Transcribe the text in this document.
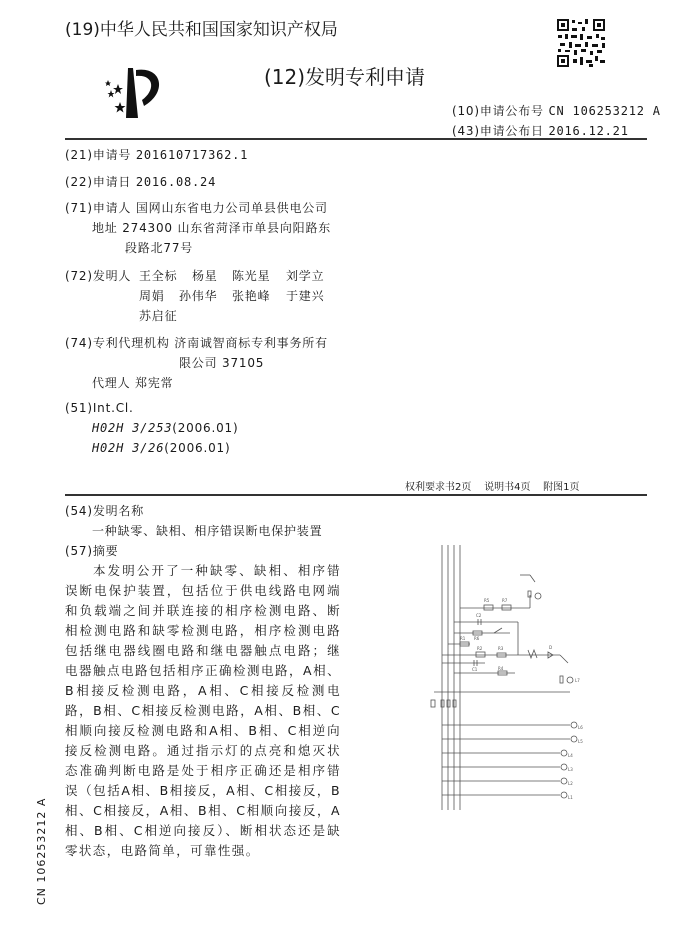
(19)中华人民共和国国家知识产权局
(12)发明专利申请
(10)申请公布号 CN 106253212 A
(43)申请公布日 2016.12.21
(21)申请号 201610717362.1
(22)申请日 2016.08.24
(71)申请人 国网山东省电力公司单县供电公司
地址 274300 山东省菏泽市单县向阳路东
段路北77号
(72)发明人 王全标 杨星 陈光星 刘学立
周娟 孙伟华 张艳峰 于建兴
苏启征
(74)专利代理机构 济南诚智商标专利事务所有
限公司 37105
代理人 郑宪常
(51)Int.Cl.
H02H 3/253(2006.01)
H02H 3/26(2006.01)
权利要求书2页    说明书4页    附图1页
(54)发明名称
一种缺零、缺相、相序错误断电保护装置
(57)摘要
本发明公开了一种缺零、缺相、相序错误断电保护装置，包括位于供电线路电网端和负载端之间并联连接的相序检测电路、断相检测电路和缺零检测电路，相序检测电路包括继电器线圈电路和继电器触点电路；继电器触点电路包括相序正确检测电路，A相、B相接反检测电路，A相、C相接反检测电路，B相、C相接反检测电路，A相、B相、C相顺向接反检测电路和A相、B相、C相逆向接反检测电路。通过指示灯的点亮和熄灭状态准确判断电路是处于相序正确还是相序错误（包括A相、B相接反，A相、C相接反，B相、C相接反，A相、B相、C相顺向接反，A相、B相、C相逆向接反）、断相状态还是缺零状态，电路简单，可靠性强。
CN 106253212 A
L6
L5
L4
L3
L2
L1
R1
R2	R3
R4
R5
R6
R7
C1
C2
D
L7
